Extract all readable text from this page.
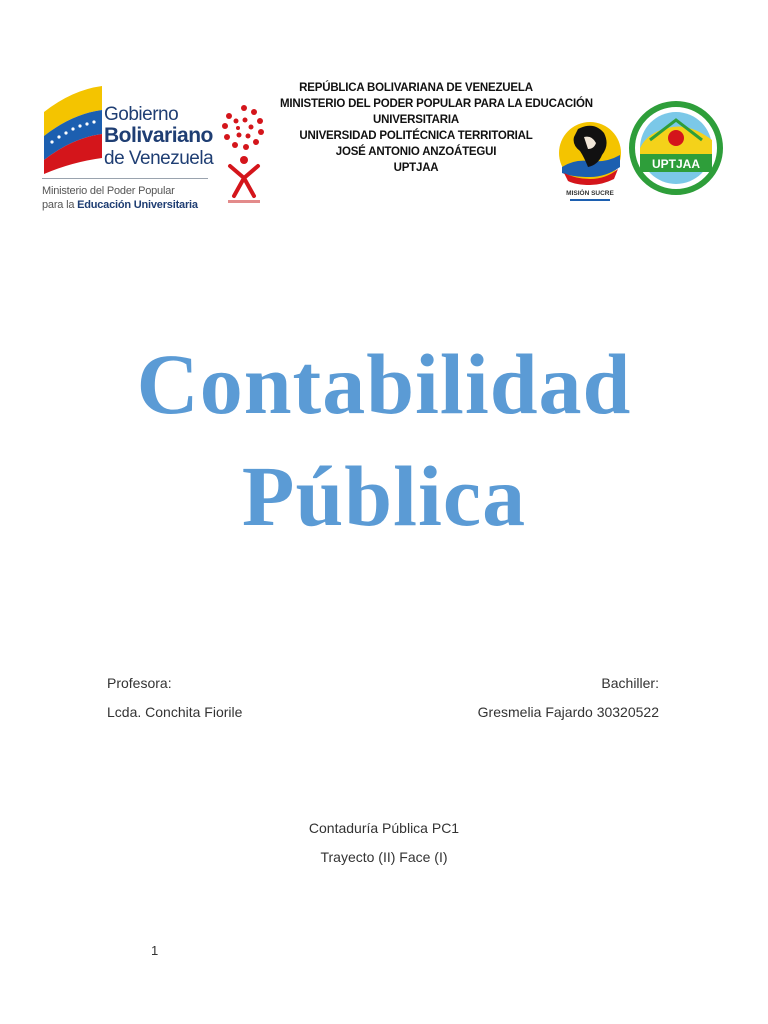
Gobierno
Bolivariano
de Venezuela
Ministerio del Poder Popular
para la Educación Universitaria
REPÚBLICA BOLIVARIANA DE VENEZUELA
MINISTERIO DEL PODER POPULAR PARA LA EDUCACIÓN
UNIVERSITARIA
UNIVERSIDAD POLITÉCNICA TERRITORIAL
JOSÉ ANTONIO ANZOÁTEGUI
UPTJAA
MISIÓN SUCRE
UPTJAA
Contabilidad
Pública
Profesora:
Lcda. Conchita Fiorile
Bachiller:
Gresmelia Fajardo 30320522
Contaduría Pública PC1
Trayecto (II) Face (I)
1
